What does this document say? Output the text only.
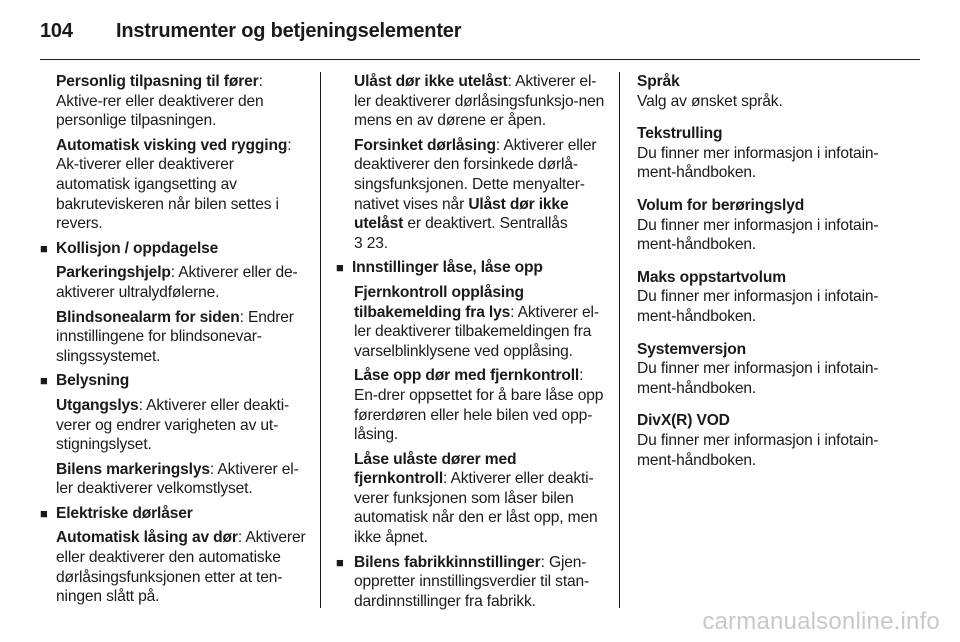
104 Instrumenter og betjeningselementer
Personlig tilpasning til fører: Aktive-rer eller deaktiverer den personlige tilpasningen.
Automatisk visking ved rygging: Ak-tiverer eller deaktiverer automatisk igangsetting av bakruteviskeren når bilen settes i revers.
■ Kollisjon / oppdagelse
Parkeringshjelp: Aktiverer eller de-aktiverer ultralydfølerne.
Blindsonealarm for siden: Endrer innstillingene for blindsonevar-slingssystemet.
■ Belysning
Utgangslys: Aktiverer eller deakti-verer og endrer varigheten av ut-stigningslyset.
Bilens markeringslys: Aktiverer el-ler deaktiverer velkomstlyset.
■ Elektriske dørlåser
Automatisk låsing av dør: Aktiverer eller deaktiverer den automatiske dørlåsingsfunksjonen etter at ten-ningen slått på.
Ulåst dør ikke utelåst: Aktiverer el-ler deaktiverer dørlåsingsfunksjo-nen mens en av dørene er åpen.
Forsinket dørlåsing: Aktiverer eller deaktiverer den forsinkede dørlå-singsfunksjonen. Dette menyalter-nativet vises når Ulåst dør ikke utelåst er deaktivert. Sentrallås
3 23.
■ Innstillinger låse, låse opp
Fjernkontroll opplåsing tilbakemelding fra lys: Aktiverer el-ler deaktiverer tilbakemeldingen fra varselblinklysene ved opplåsing.
Låse opp dør med fjernkontroll: En-drer oppsettet for å bare låse opp førerdøren eller hele bilen ved opp-låsing.
Låse ulåste dører med fjernkontroll: Aktiverer eller deakti-verer funksjonen som låser bilen automatisk når den er låst opp, men ikke åpnet.
■ Bilens fabrikkinnstillinger: Gjen-oppretter innstillingsverdier til stan-dardinnstillinger fra fabrikk.
Språk
Valg av ønsket språk.
Tekstrulling
Du finner mer informasjon i infotain-ment-håndboken.
Volum for berøringslyd
Du finner mer informasjon i infotain-ment-håndboken.
Maks oppstartvolum
Du finner mer informasjon i infotain-ment-håndboken.
Systemversjon
Du finner mer informasjon i infotain-ment-håndboken.
DivX(R) VOD
Du finner mer informasjon i infotain-ment-håndboken.
carmanualsonline.info
